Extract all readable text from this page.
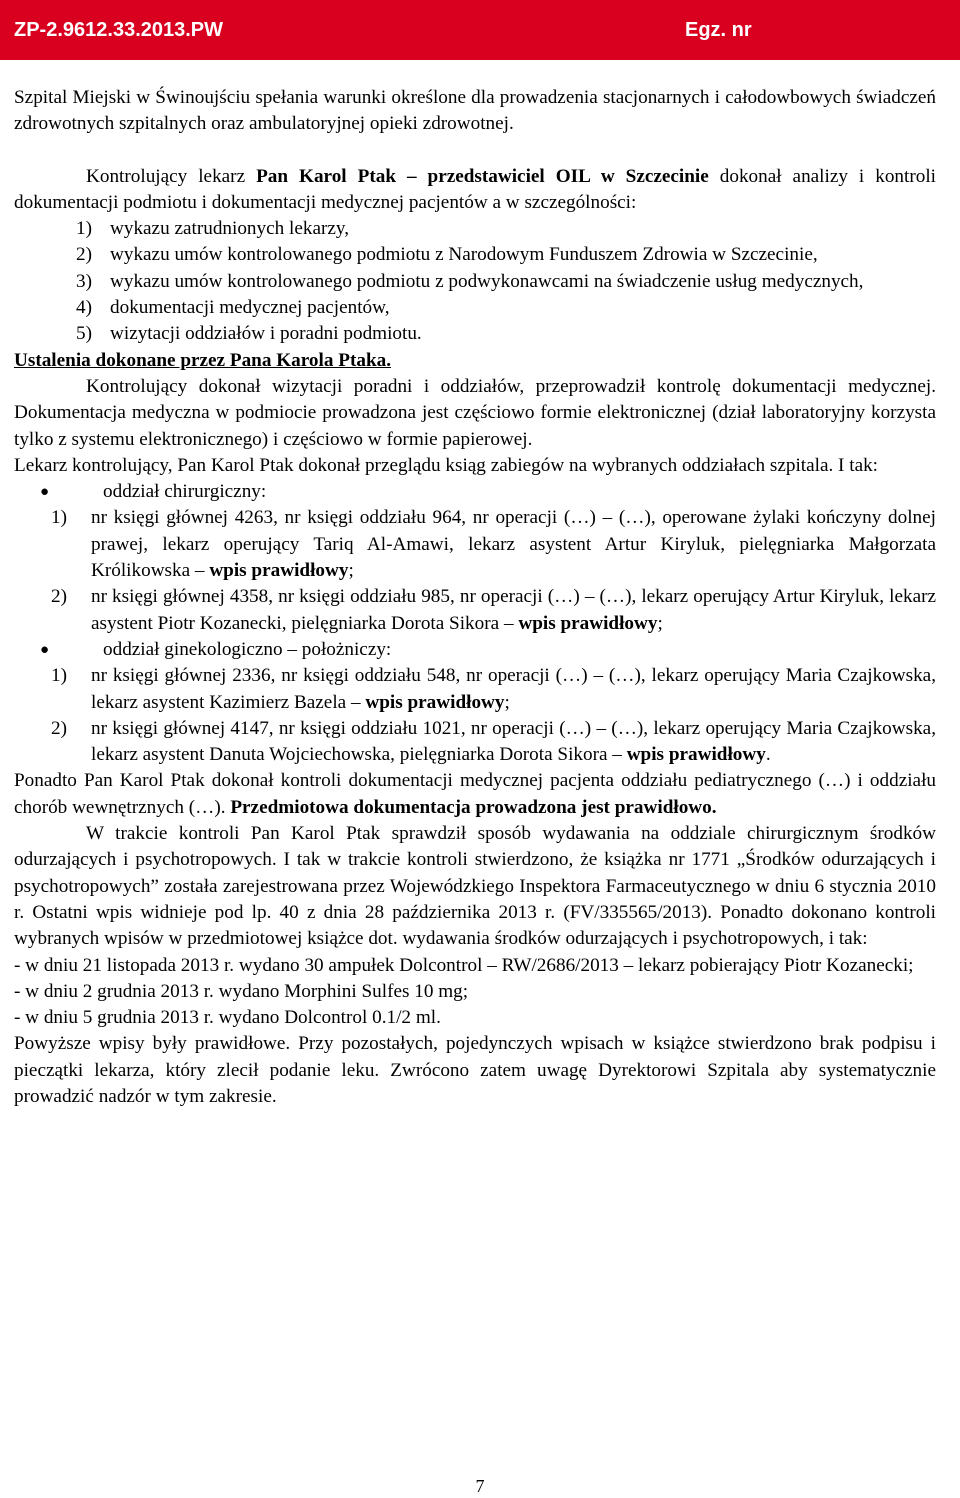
ZP-2.9612.33.2013.PW	Egz. nr

Szpital Miejski w Świnoujściu spełania warunki określone dla prowadzenia stacjonarnych i całodowbowych świadczeń zdrowotnych szpitalnych oraz ambulatoryjnej opieki zdrowotnej.

Kontrolujący lekarz Pan Karol Ptak – przedstawiciel OIL w Szczecinie dokonał analizy i kontroli dokumentacji podmiotu i dokumentacji medycznej pacjentów a w szczególności:

1) wykazu zatrudnionych lekarzy,
2) wykazu umów kontrolowanego podmiotu z Narodowym Funduszem Zdrowia w Szczecinie,
3) wykazu umów kontrolowanego podmiotu z podwykonawcami na świadczenie usług medycznych,
4) dokumentacji medycznej pacjentów,
5) wizytacji oddziałów i poradni podmiotu.

Ustalenia dokonane przez Pana Karola Ptaka.

Kontrolujący dokonał wizytacji poradni i oddziałów, przeprowadził kontrolę dokumentacji medycznej. Dokumentacja medyczna w podmiocie prowadzona jest częściowo formie elektronicznej (dział laboratoryjny korzysta tylko z systemu elektronicznego) i częściowo w formie papierowej.

Lekarz kontrolujący, Pan Karol Ptak dokonał przeglądu ksiąg zabiegów na wybranych oddziałach szpitala. I tak:

●	oddział chirurgiczny:
1)	nr księgi głównej 4263, nr księgi oddziału 964, nr operacji (…) – (…), operowane żylaki kończyny dolnej prawej, lekarz operujący Tariq Al-Amawi, lekarz asystent Artur Kiryluk, pielęgniarka Małgorzata Królikowska – wpis prawidłowy;
2)	nr księgi głównej 4358, nr księgi oddziału 985, nr operacji (…) – (…), lekarz operujący Artur Kiryluk, lekarz asystent Piotr Kozanecki, pielęgniarka Dorota Sikora – wpis prawidłowy;
●	oddział ginekologiczno – położniczy:
1)	nr księgi głównej 2336, nr księgi oddziału 548, nr operacji (…) – (…), lekarz operujący Maria Czajkowska, lekarz asystent Kazimierz Bazela – wpis prawidłowy;
2)	nr księgi głównej 4147, nr księgi oddziału 1021, nr operacji (…) – (…), lekarz operujący Maria Czajkowska, lekarz asystent Danuta Wojciechowska, pielęgniarka Dorota Sikora – wpis prawidłowy.

Ponadto Pan Karol Ptak dokonał kontroli dokumentacji medycznej pacjenta oddziału pediatrycznego (…) i oddziału chorób wewnętrznych (…). Przedmiotowa dokumentacja prowadzona jest prawidłowo.

W trakcie kontroli Pan Karol Ptak sprawdził sposób wydawania na oddziale chirurgicznym środków odurzających i psychotropowych. I tak w trakcie kontroli stwierdzono, że książka nr 1771 „Środków odurzających i psychotropowych” została zarejestrowana przez Wojewódzkiego Inspektora Farmaceutycznego w dniu 6 stycznia 2010 r. Ostatni wpis widnieje pod lp. 40 z dnia 28 października 2013 r. (FV/335565/2013). Ponadto dokonano kontroli wybranych wpisów w przedmiotowej książce dot. wydawania środków odurzających i psychotropowych, i tak:

- w dniu 21 listopada 2013 r. wydano 30 ampułek Dolcontrol – RW/2686/2013 – lekarz pobierający Piotr Kozanecki;

- w dniu 2 grudnia 2013 r. wydano Morphini Sulfes 10 mg;

- w dniu 5 grudnia 2013 r. wydano Dolcontrol 0.1/2 ml.

Powyższe wpisy były prawidłowe. Przy pozostałych, pojedynczych wpisach w książce stwierdzono brak podpisu i pieczątki lekarza, który zlecił podanie leku. Zwrócono zatem uwagę Dyrektorowi Szpitala aby systematycznie prowadzić nadzór w tym zakresie.

7
